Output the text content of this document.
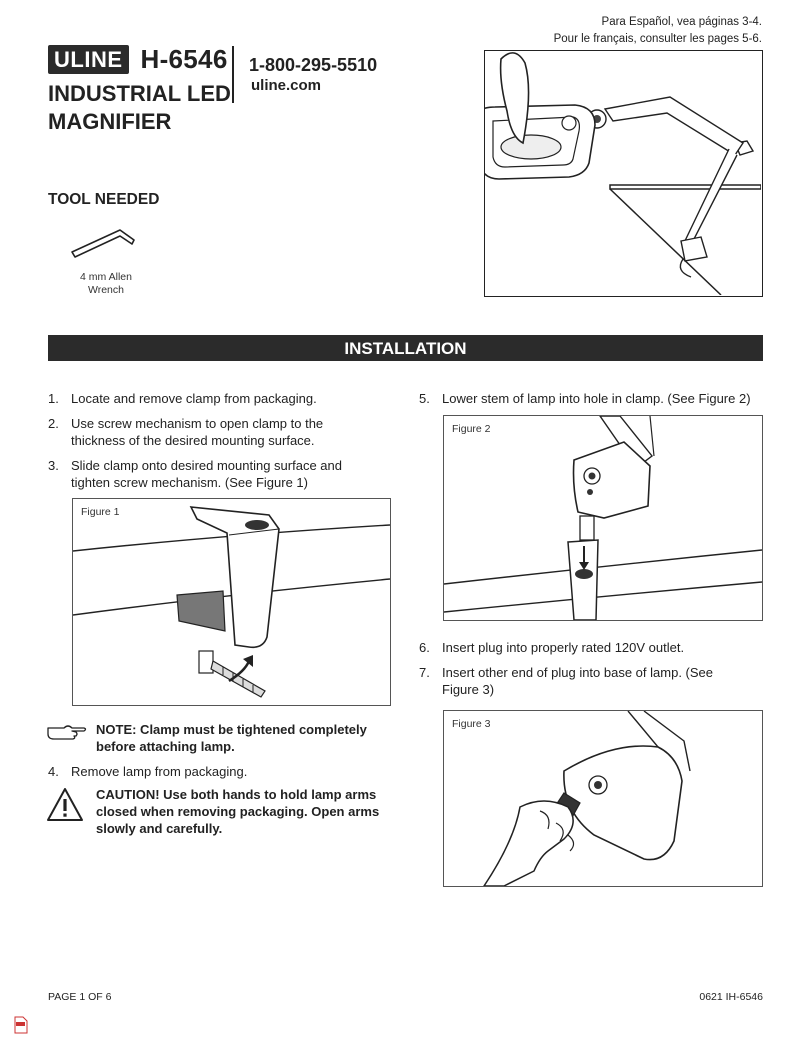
Para Español, vea páginas 3-4.
Pour le français, consulter les pages 5-6.
ULINE H-6546
INDUSTRIAL LED
MAGNIFIER
1-800-295-5510
uline.com
TOOL NEEDED
4 mm Allen
Wrench
INSTALLATION
1. Locate and remove clamp from packaging.
2. Use screw mechanism to open clamp to the thickness of the desired mounting surface.
3. Slide clamp onto desired mounting surface and tighten screw mechanism. (See Figure 1)
Figure 1
NOTE: Clamp must be tightened completely
before attaching lamp.
4. Remove lamp from packaging.
CAUTION! Use both hands to hold lamp arms
closed when removing packaging. Open arms
slowly and carefully.
5. Lower stem of lamp into hole in clamp. (See Figure 2)
Figure 2
6. Insert plug into properly rated 120V outlet.
7. Insert other end of plug into base of lamp. (See Figure 3)
Figure 3
PAGE 1 OF 6	0621 IH-6546
